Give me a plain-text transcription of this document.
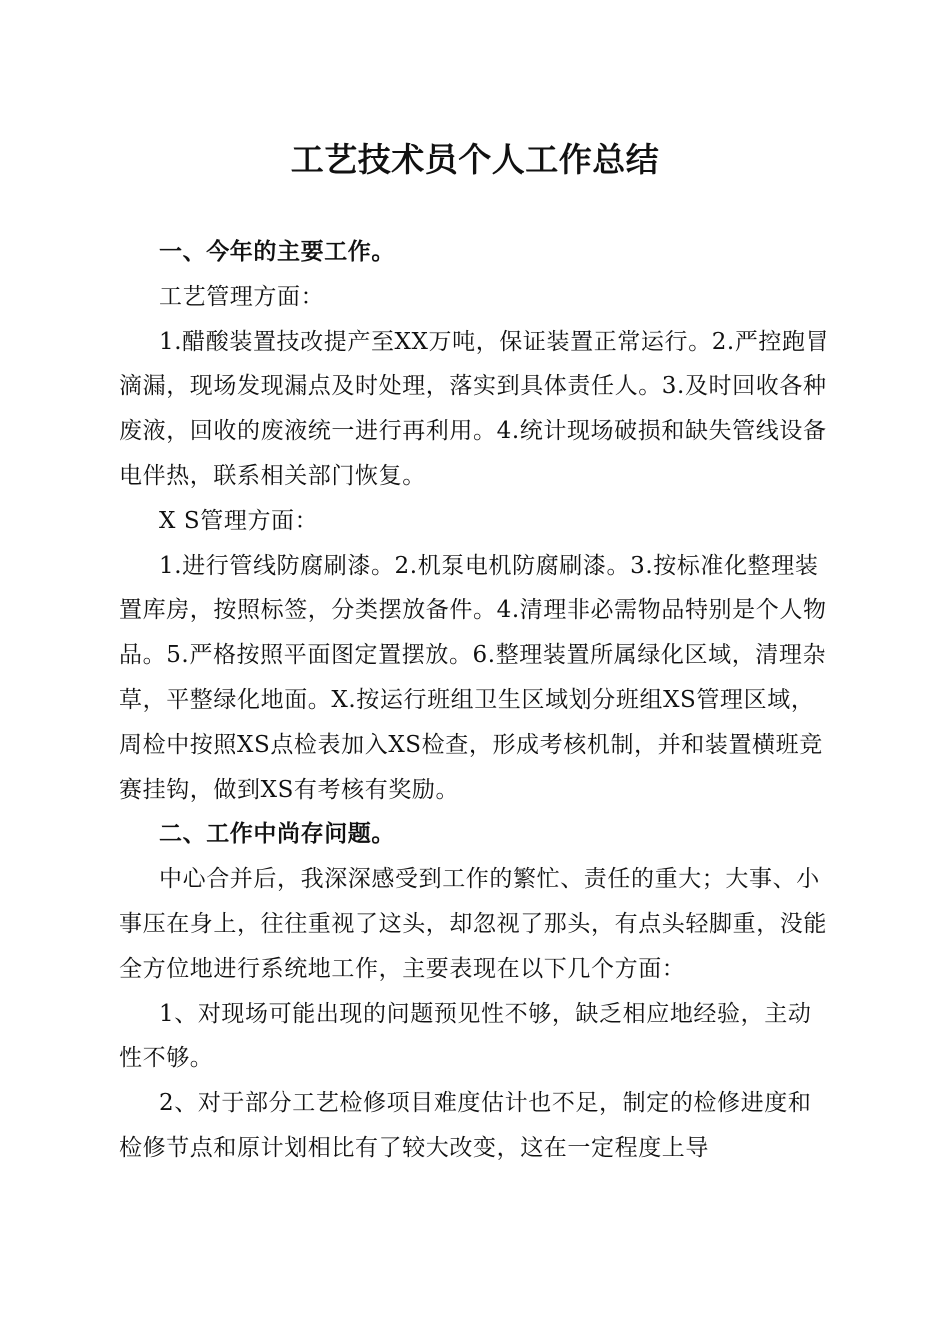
工艺技术员个人工作总结

一、今年的主要工作。

工艺管理方面：

1.醋酸装置技改提产至XX万吨，保证装置正常运行。2.严控跑冒滴漏，现场发现漏点及时处理，落实到具体责任人。3.及时回收各种废液，回收的废液统一进行再利用。4.统计现场破损和缺失管线设备电伴热，联系相关部门恢复。

X S管理方面：

1.进行管线防腐刷漆。2.机泵电机防腐刷漆。3.按标准化整理装置库房，按照标签，分类摆放备件。4.清理非必需物品特别是个人物品。5.严格按照平面图定置摆放。6.整理装置所属绿化区域，清理杂草，平整绿化地面。X.按运行班组卫生区域划分班组XS管理区域，周检中按照XS点检表加入XS检查，形成考核机制，并和装置横班竞赛挂钩，做到XS有考核有奖励。

二、工作中尚存问题。

中心合并后，我深深感受到工作的繁忙、责任的重大；大事、小事压在身上，往往重视了这头，却忽视了那头，有点头轻脚重，没能全方位地进行系统地工作，主要表现在以下几个方面：

1、对现场可能出现的问题预见性不够，缺乏相应地经验，主动性不够。

2、对于部分工艺检修项目难度估计也不足，制定的检修进度和检修节点和原计划相比有了较大改变，这在一定程度上导
